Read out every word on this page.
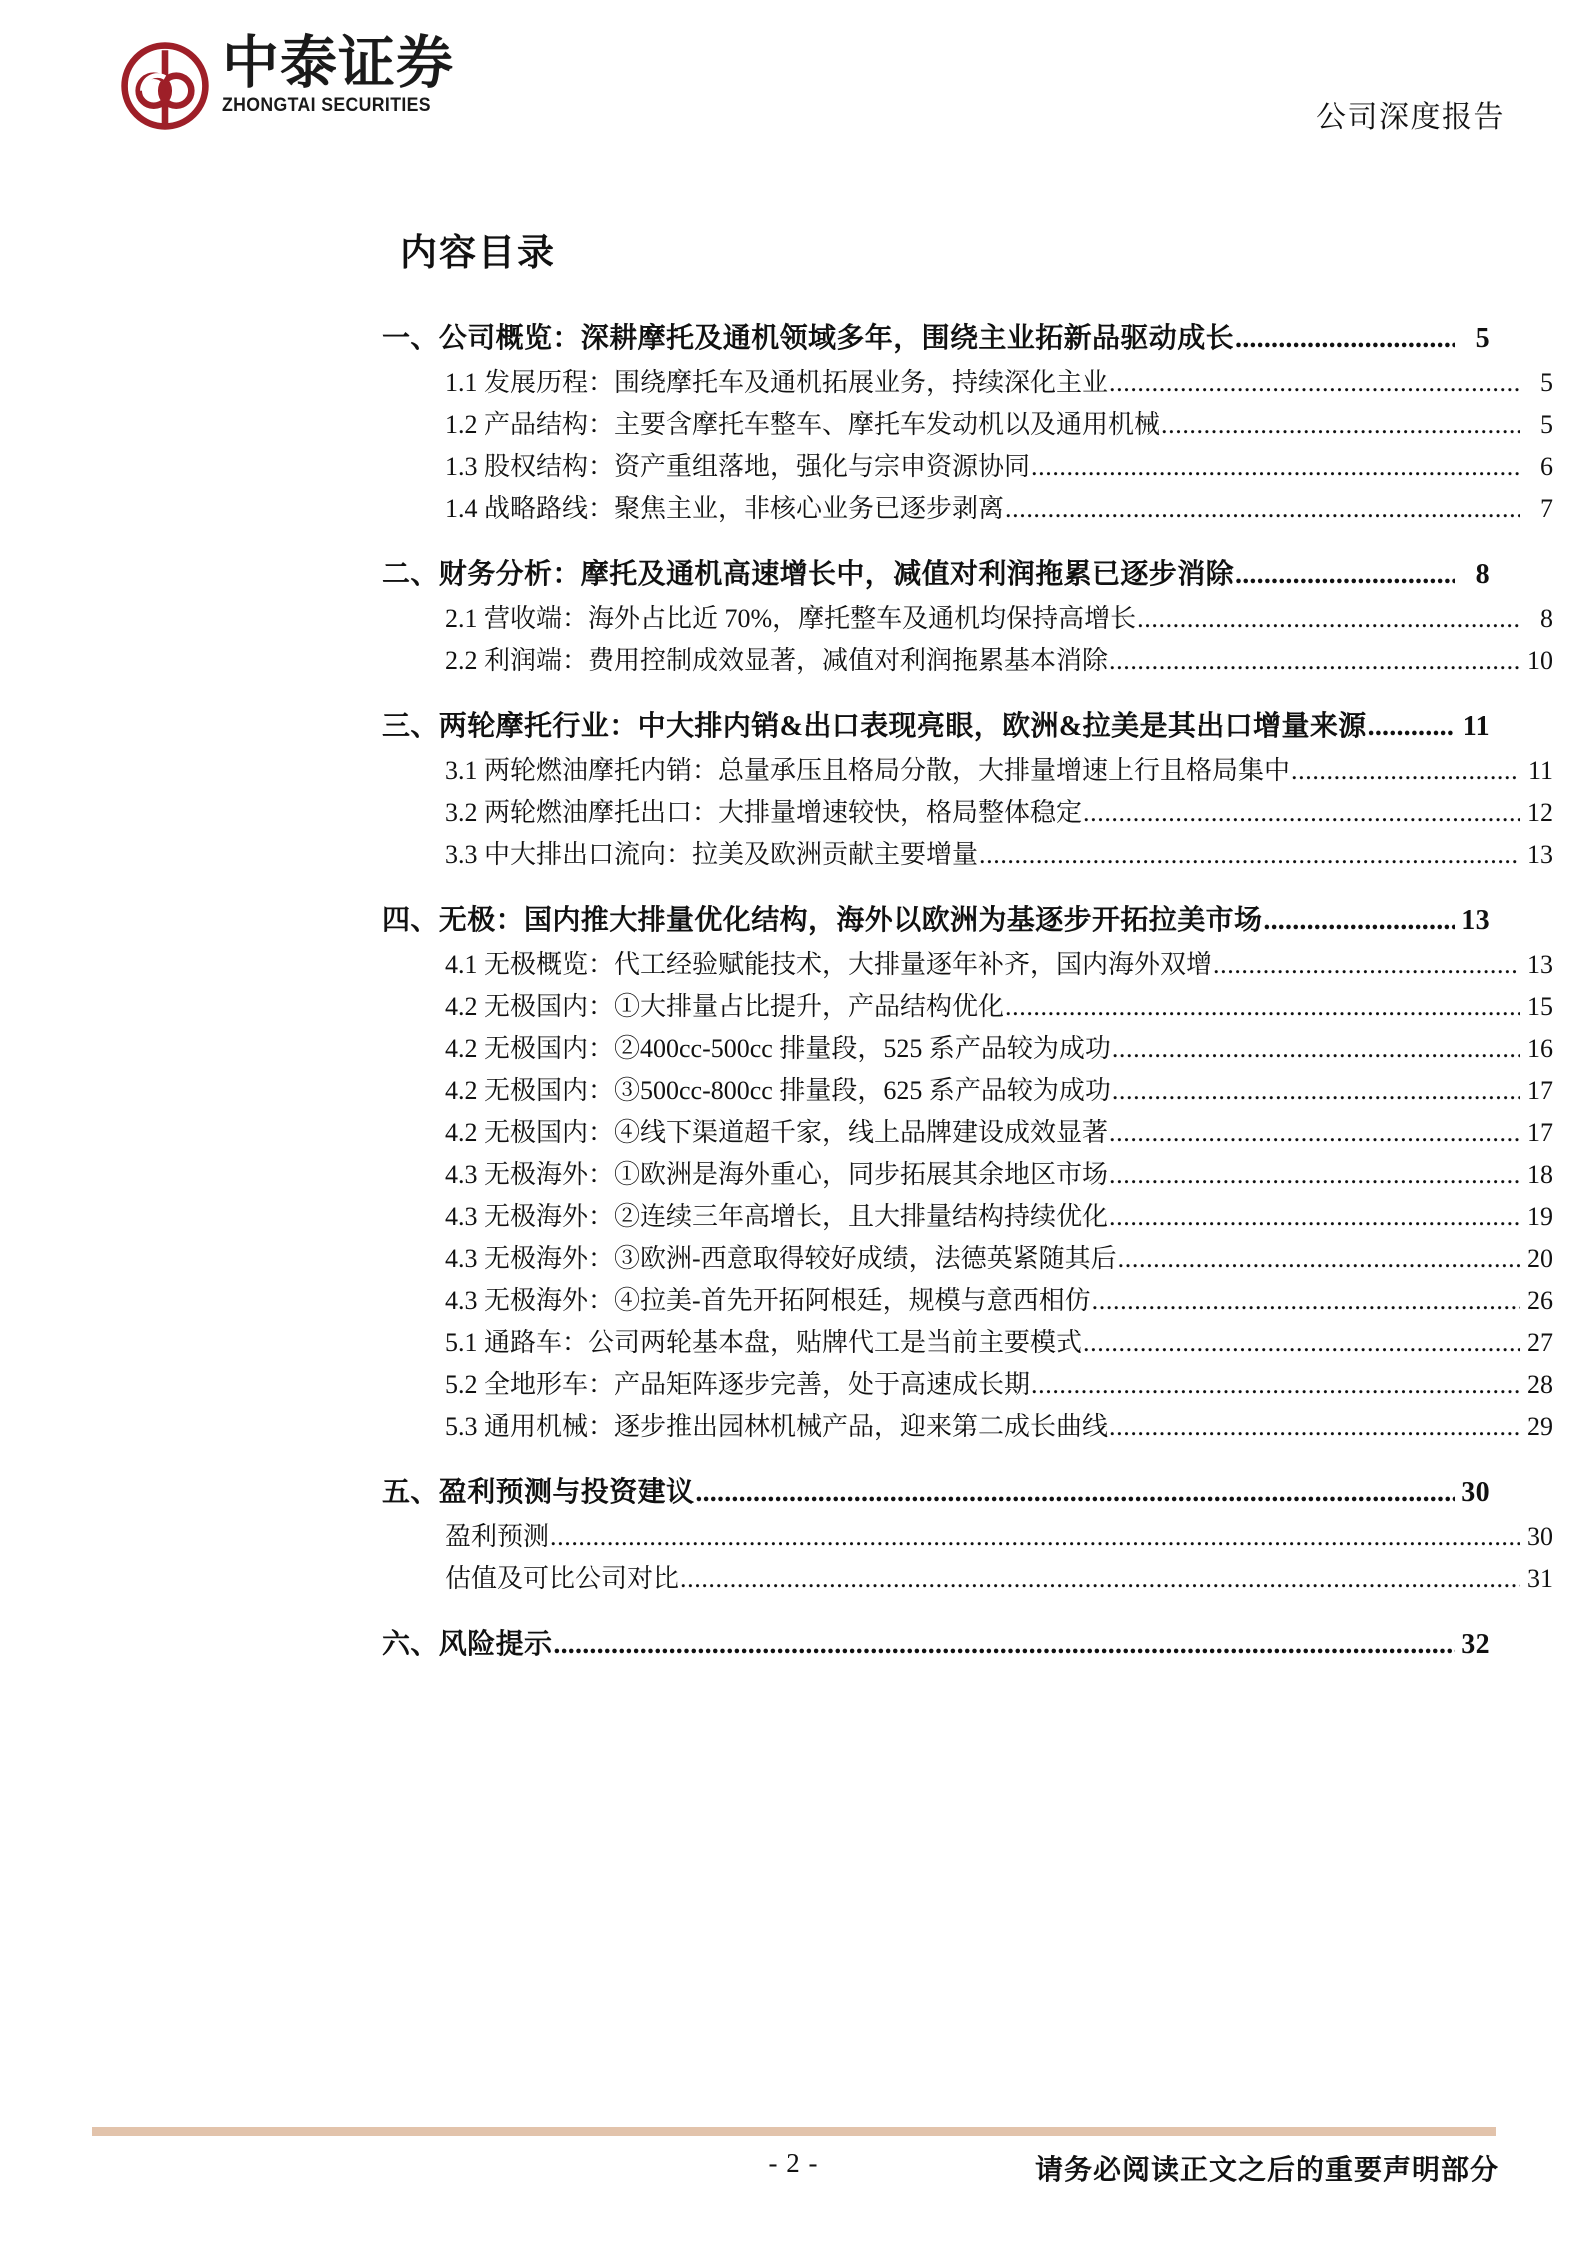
中泰证券
ZHONGTAI SECURITIES	公司深度报告
内容目录
一、公司概览：深耕摩托及通机领域多年，围绕主业拓新品驱动成长 .....	5
1.1 发展历程：围绕摩托车及通机拓展业务，持续深化主业 .....	5
1.2 产品结构：主要含摩托车整车、摩托车发动机以及通用机械 .....	5
1.3 股权结构：资产重组落地，强化与宗申资源协同 .....	6
1.4 战略路线：聚焦主业，非核心业务已逐步剥离 .....	7
二、财务分析：摩托及通机高速增长中，减值对利润拖累已逐步消除 .....	8
2.1 营收端：海外占比近 70%，摩托整车及通机均保持高增长 .....	8
2.2 利润端：费用控制成效显著，减值对利润拖累基本消除 .....	10
三、两轮摩托行业：中大排内销&出口表现亮眼，欧洲&拉美是其出口增量来源 .....	11
3.1 两轮燃油摩托内销：总量承压且格局分散，大排量增速上行且格局集中 .....	11
3.2 两轮燃油摩托出口：大排量增速较快，格局整体稳定 .....	12
3.3 中大排出口流向：拉美及欧洲贡献主要增量 .....	13
四、无极：国内推大排量优化结构，海外以欧洲为基逐步开拓拉美市场 .....	13
4.1 无极概览：代工经验赋能技术，大排量逐年补齐，国内海外双增 .....	13
4.2 无极国内：①大排量占比提升，产品结构优化 .....	15
4.2 无极国内：②400cc-500cc 排量段，525 系产品较为成功 .....	16
4.2 无极国内：③500cc-800cc 排量段，625 系产品较为成功 .....	17
4.2 无极国内：④线下渠道超千家，线上品牌建设成效显著 .....	17
4.3 无极海外：①欧洲是海外重心，同步拓展其余地区市场 .....	18
4.3 无极海外：②连续三年高增长，且大排量结构持续优化 .....	19
4.3 无极海外：③欧洲-西意取得较好成绩，法德英紧随其后 .....	20
4.3 无极海外：④拉美-首先开拓阿根廷，规模与意西相仿 .....	26
5.1 通路车：公司两轮基本盘，贴牌代工是当前主要模式 .....	27
5.2 全地形车：产品矩阵逐步完善，处于高速成长期 .....	28
5.3 通用机械：逐步推出园林机械产品，迎来第二成长曲线 .....	29
五、盈利预测与投资建议 .....	30
盈利预测 .....	30
估值及可比公司对比 .....	31
六、风险提示 .....	32
- 2 -	请务必阅读正文之后的重要声明部分
